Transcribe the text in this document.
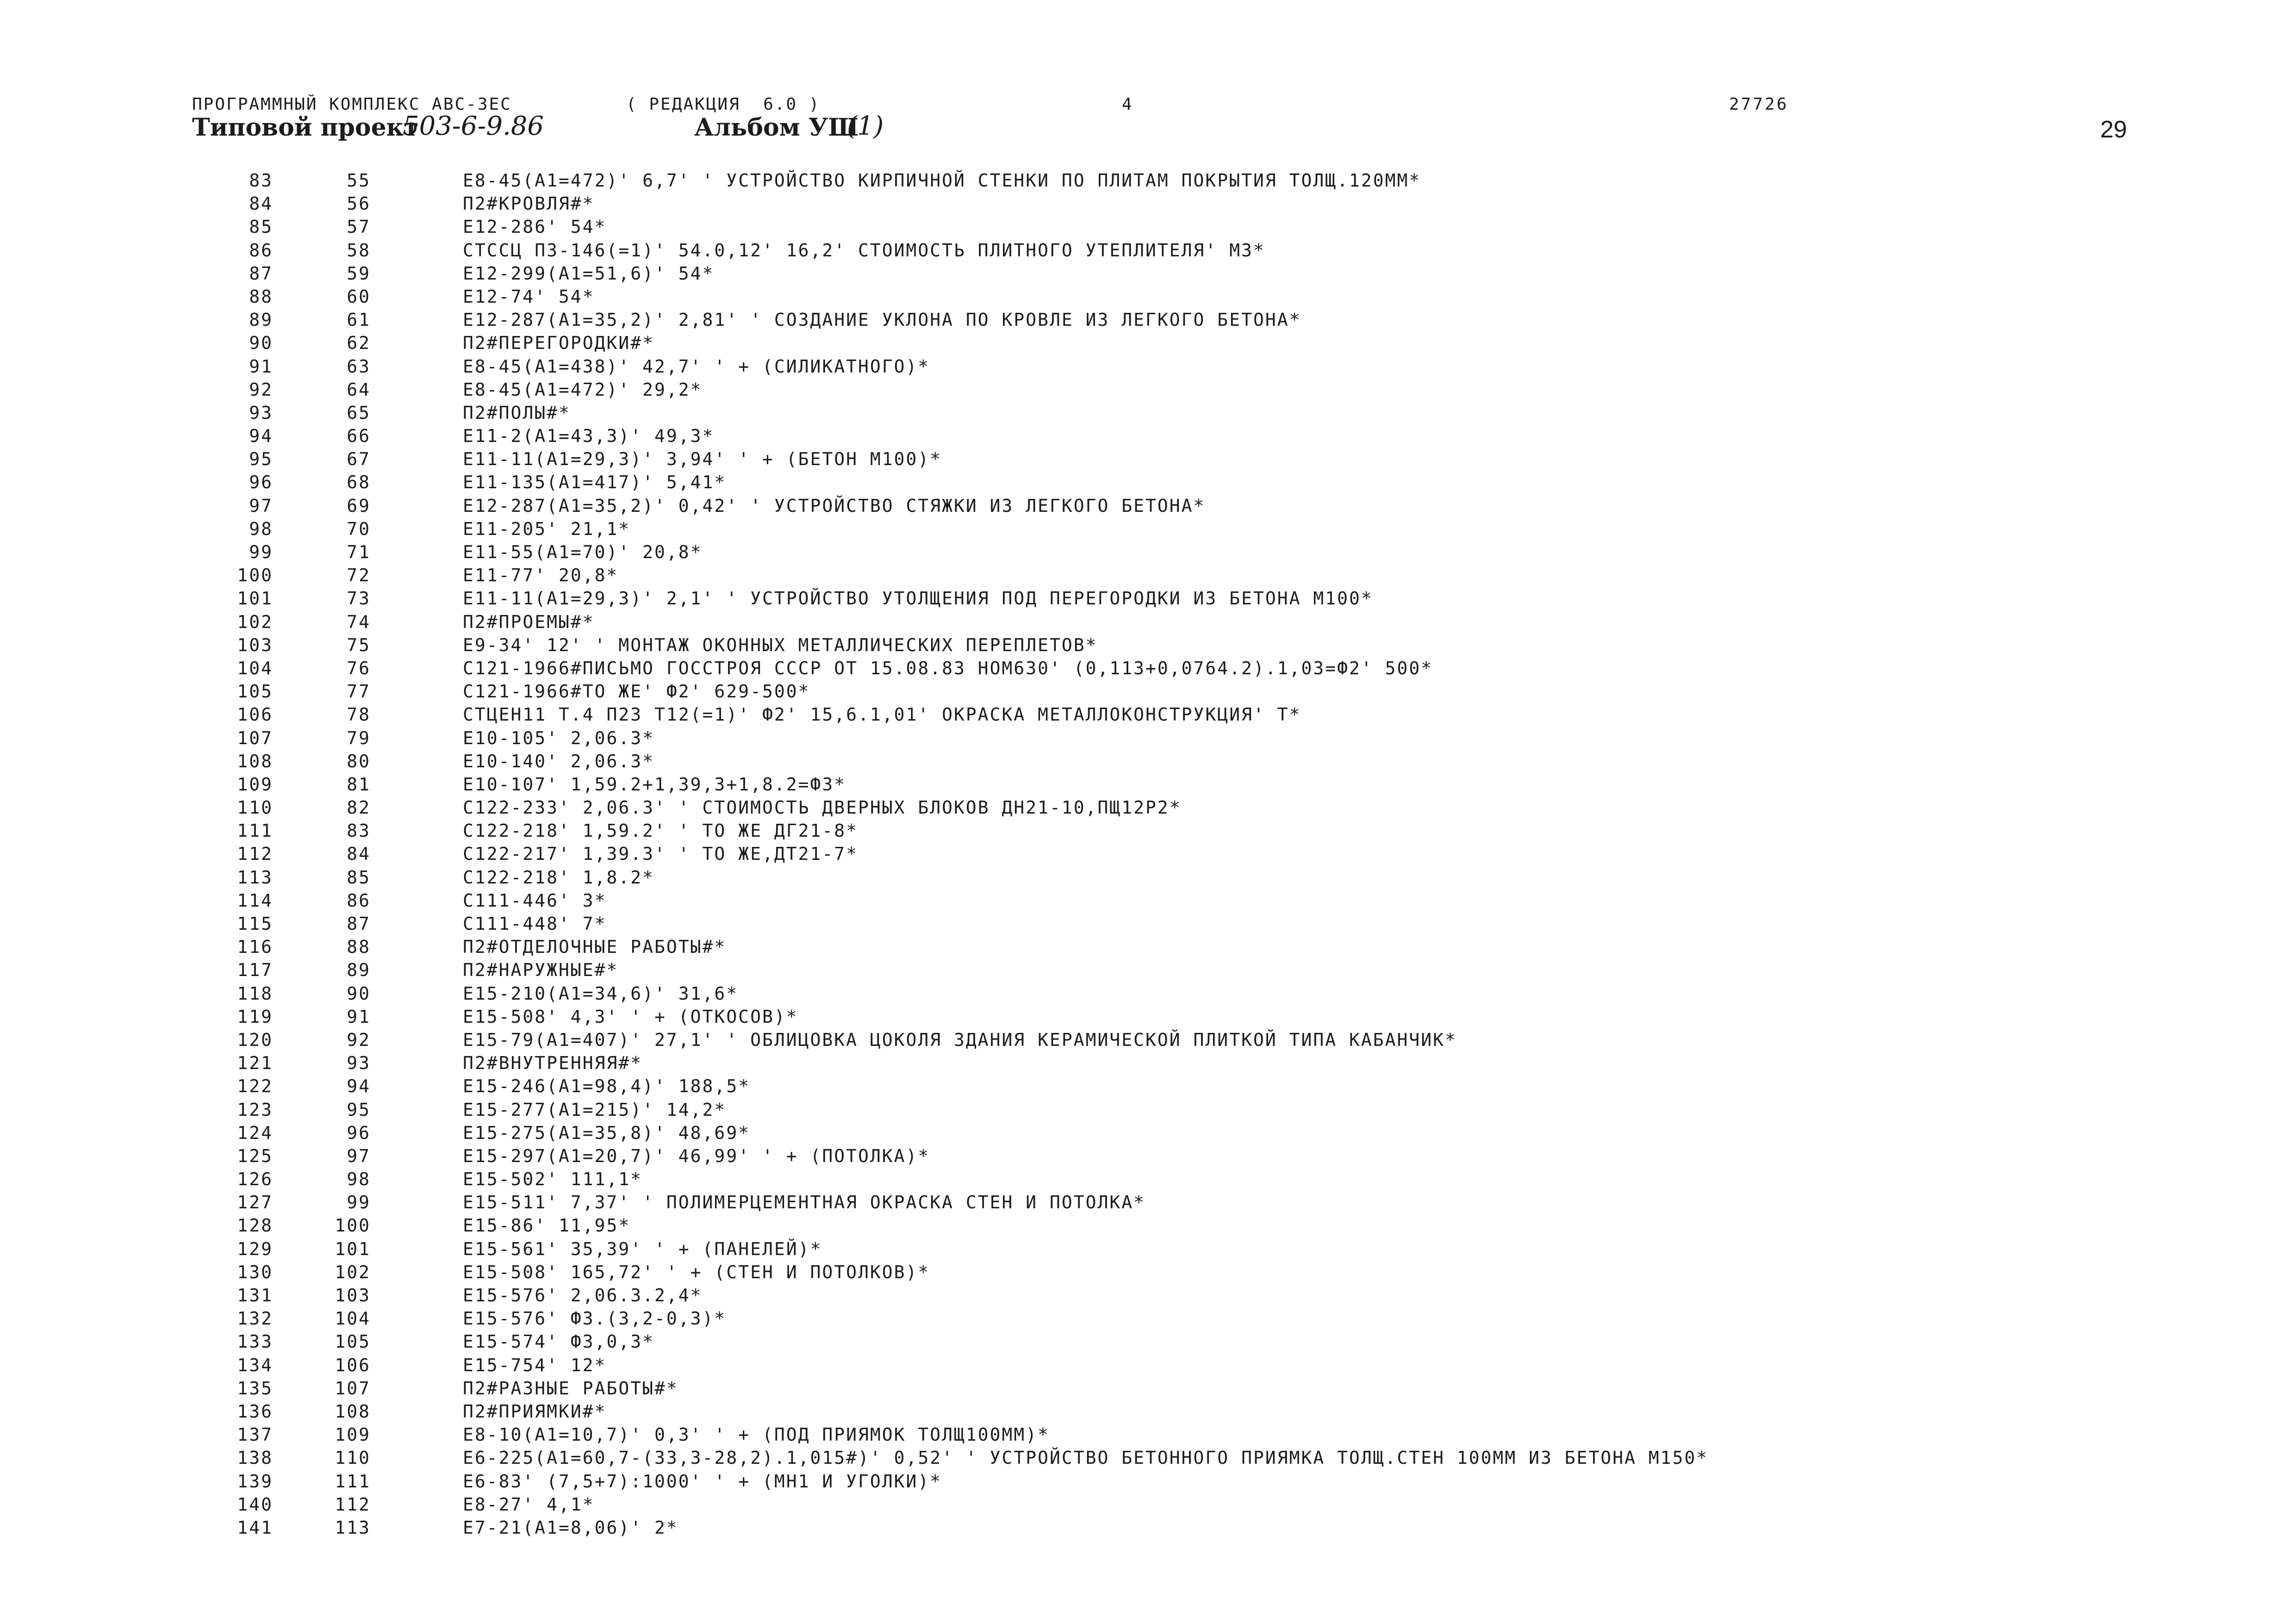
ПРОГРАММНЫЙ КОМПЛЕКС АВС-3ЕС	( РЕДАКЦИЯ  6.0 )	4	27726
Типовой проект
503-6-9.86	Альбом УШ
(1)	29
83	55	Е8-45(А1=472)' 6,7' ' УСТРОЙСТВО КИРПИЧНОЙ СТЕНКИ ПО ПЛИТАМ ПОКРЫТИЯ ТОЛЩ.120ММ*
84	56	П2#КРОВЛЯ#*
85	57	Е12-286' 54*
86	58	СТССЦ П3-146(=1)' 54.0,12' 16,2' СТОИМОСТЬ ПЛИТНОГО УТЕПЛИТЕЛЯ' М3*
87	59	Е12-299(А1=51,6)' 54*
88	60	Е12-74' 54*
89	61	Е12-287(А1=35,2)' 2,81' ' СОЗДАНИЕ УКЛОНА ПО КРОВЛЕ ИЗ ЛЕГКОГО БЕТОНА*
90	62	П2#ПЕРЕГОРОДКИ#*
91	63	Е8-45(А1=438)' 42,7' ' + (СИЛИКАТНОГО)*
92	64	Е8-45(А1=472)' 29,2*
93	65	П2#ПОЛЫ#*
94	66	Е11-2(А1=43,3)' 49,3*
95	67	Е11-11(А1=29,3)' 3,94' ' + (БЕТОН М100)*
96	68	Е11-135(А1=417)' 5,41*
97	69	Е12-287(А1=35,2)' 0,42' ' УСТРОЙСТВО СТЯЖКИ ИЗ ЛЕГКОГО БЕТОНА*
98	70	Е11-205' 21,1*
99	71	Е11-55(А1=70)' 20,8*
100	72	Е11-77' 20,8*
101	73	Е11-11(А1=29,3)' 2,1' ' УСТРОЙСТВО УТОЛЩЕНИЯ ПОД ПЕРЕГОРОДКИ ИЗ БЕТОНА М100*
102	74	П2#ПРОЕМЫ#*
103	75	Е9-34' 12' ' МОНТАЖ ОКОННЫХ МЕТАЛЛИЧЕСКИХ ПЕРЕПЛЕТОВ*
104	76	С121-1966#ПИСЬМО ГОССТРОЯ СССР ОТ 15.08.83 НОМ630' (0,113+0,0764.2).1,03=Ф2' 500*
105	77	С121-1966#ТО ЖЕ' Ф2' 629-500*
106	78	СТЦЕН11 Т.4 П23 Т12(=1)' Ф2' 15,6.1,01' ОКРАСКА МЕТАЛЛОКОНСТРУКЦИЯ' Т*
107	79	Е10-105' 2,06.3*
108	80	Е10-140' 2,06.3*
109	81	Е10-107' 1,59.2+1,39,3+1,8.2=Ф3*
110	82	С122-233' 2,06.3' ' СТОИМОСТЬ ДВЕРНЫХ БЛОКОВ ДН21-10,ПЩ12Р2*
111	83	С122-218' 1,59.2' ' ТО ЖЕ ДГ21-8*
112	84	С122-217' 1,39.3' ' ТО ЖЕ,ДТ21-7*
113	85	С122-218' 1,8.2*
114	86	С111-446' 3*
115	87	С111-448' 7*
116	88	П2#ОТДЕЛОЧНЫЕ РАБОТЫ#*
117	89	П2#НАРУЖНЫЕ#*
118	90	Е15-210(А1=34,6)' 31,6*
119	91	Е15-508' 4,3' ' + (ОТКОСОВ)*
120	92	Е15-79(А1=407)' 27,1' ' ОБЛИЦОВКА ЦОКОЛЯ ЗДАНИЯ КЕРАМИЧЕСКОЙ ПЛИТКОЙ ТИПА КАБАНЧИК*
121	93	П2#ВНУТРЕННЯЯ#*
122	94	Е15-246(А1=98,4)' 188,5*
123	95	Е15-277(А1=215)' 14,2*
124	96	Е15-275(А1=35,8)' 48,69*
125	97	Е15-297(А1=20,7)' 46,99' ' + (ПОТОЛКА)*
126	98	Е15-502' 111,1*
127	99	Е15-511' 7,37' ' ПОЛИМЕРЦЕМЕНТНАЯ ОКРАСКА СТЕН И ПОТОЛКА*
128	100	Е15-86' 11,95*
129	101	Е15-561' 35,39' ' + (ПАНЕЛЕЙ)*
130	102	Е15-508' 165,72' ' + (СТЕН И ПОТОЛКОВ)*
131	103	Е15-576' 2,06.3.2,4*
132	104	Е15-576' Ф3.(3,2-0,3)*
133	105	Е15-574' Ф3,0,3*
134	106	Е15-754' 12*
135	107	П2#РАЗНЫЕ РАБОТЫ#*
136	108	П2#ПРИЯМКИ#*
137	109	Е8-10(А1=10,7)' 0,3' ' + (ПОД ПРИЯМОК ТОЛЩ100ММ)*
138	110	Е6-225(А1=60,7-(33,3-28,2).1,015#)' 0,52' ' УСТРОЙСТВО БЕТОННОГО ПРИЯМКА ТОЛЩ.СТЕН 100ММ ИЗ БЕТОНА М150*
139	111	Е6-83' (7,5+7):1000' ' + (МН1 И УГОЛКИ)*
140	112	Е8-27' 4,1*
141	113	Е7-21(А1=8,06)' 2*
